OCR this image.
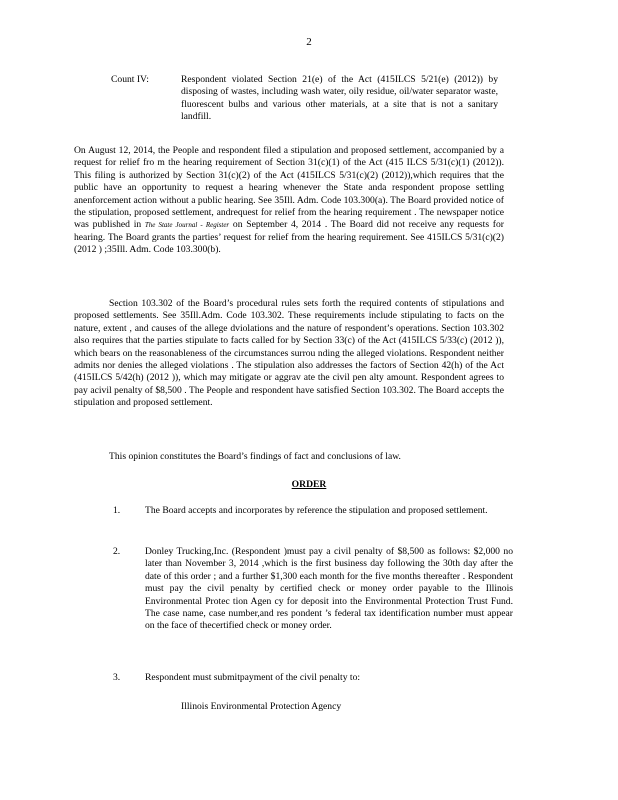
2
Count IV:	Respondent violated Section 21(e) of the Act (415ILCS 5/21(e) (2012)) by disposing of wastes, including wash water, oily residue, oil/water separator waste, fluorescent bulbs and various other materials, at a site that is not a sanitary landfill.
On August 12, 2014, the People and respondent filed a stipulation and proposed settlement, accompanied by a request for relief fro m the hearing requirement of Section 31(c)(1) of the Act (415 ILCS 5/31(c)(1) (2012)). This filing is authorized by Section 31(c)(2) of the Act (415ILCS 5/31(c)(2) (2012)),which requires that the public have an opportunity to request a hearing whenever the State anda respondent propose settling anenforcement action without a public hearing. See 35Ill. Adm. Code 103.300(a). The Board provided notice of the stipulation, proposed settlement, andrequest for relief from the hearing requirement . The newspaper notice was published in The State Journal - Register on September 4, 2014 . The Board did not receive any requests for hearing. The Board grants the parties’ request for relief from the hearing requirement. See 415ILCS 5/31(c)(2) (2012 ) ;35Ill. Adm. Code 103.300(b).
Section 103.302 of the Board’s procedural rules sets forth the required contents of stipulations and proposed settlements. See 35Ill.Adm. Code 103.302. These requirements include stipulating to facts on the nature, extent , and causes of the allege dviolations and the nature of respondent’s operations. Section 103.302 also requires that the parties stipulate to facts called for by Section 33(c) of the Act (415ILCS 5/33(c) (2012 )), which bears on the reasonableness of the circumstances surrou nding the alleged violations. Respondent neither admits nor denies the alleged violations . The stipulation also addresses the factors of Section 42(h) of the Act (415ILCS 5/42(h) (2012 )), which may mitigate or aggrav ate the civil pen alty amount. Respondent agrees to pay acivil penalty of $8,500 . The People and respondent have satisfied Section 103.302. The Board accepts the stipulation and proposed settlement.
This opinion constitutes the Board’s findings of fact and conclusions of law.
ORDER
1.	The Board accepts and incorporates by reference the stipulation and proposed settlement.
2.	Donley Trucking,Inc. (Respondent )must pay a civil penalty of $8,500 as follows: $2,000 no later than November 3, 2014 ,which is the first business day following the 30th day after the date of this order ; and a further $1,300 each month for the five months thereafter . Respondent must pay the civil penalty by certified check or money order payable to the Illinois Environmental Protec tion Agen cy for deposit into the Environmental Protection Trust Fund. The case name, case number,and res pondent ’s federal tax identification number must appear on the face of thecertified check or money order.
3.	Respondent must submitpayment of the civil penalty to:
Illinois Environmental Protection Agency
